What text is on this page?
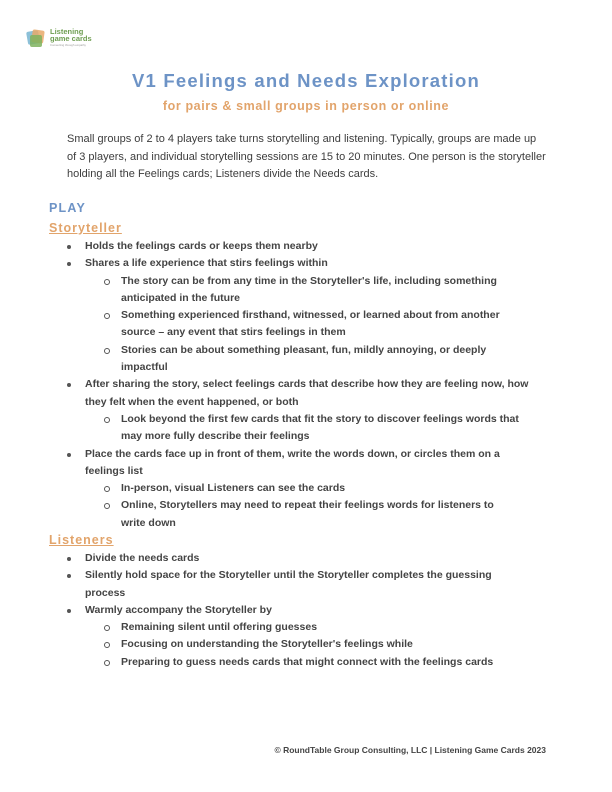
Listening
game cards
Connecting through empathy
V1 Feelings and Needs Exploration
for pairs & small groups in person or online
Small groups of 2 to 4 players take turns storytelling and listening. Typically, groups are made up of 3 players, and individual storytelling sessions are 15 to 20 minutes. One person is the storyteller holding all the Feelings cards; Listeners divide the Needs cards.
PLAY
Storyteller
Holds the feelings cards or keeps them nearby
Shares a life experience that stirs feelings within
The story can be from any time in the Storyteller's life, including something anticipated in the future
Something experienced firsthand, witnessed, or learned about from another source – any event that stirs feelings in them
Stories can be about something pleasant, fun, mildly annoying, or deeply impactful
After sharing the story, select feelings cards that describe how they are feeling now, how they felt when the event happened, or both
Look beyond the first few cards that fit the story to discover feelings words that may more fully describe their feelings
Place the cards face up in front of them, write the words down, or circles them on a feelings list
In-person, visual Listeners can see the cards
Online, Storytellers may need to repeat their feelings words for listeners to write down
Listeners
Divide the needs cards
Silently hold space for the Storyteller until the Storyteller completes the guessing process
Warmly accompany the Storyteller by
Remaining silent until offering guesses
Focusing on understanding the Storyteller's feelings while
Preparing to guess needs cards that might connect with the feelings cards
© RoundTable Group Consulting, LLC | Listening Game Cards 2023
